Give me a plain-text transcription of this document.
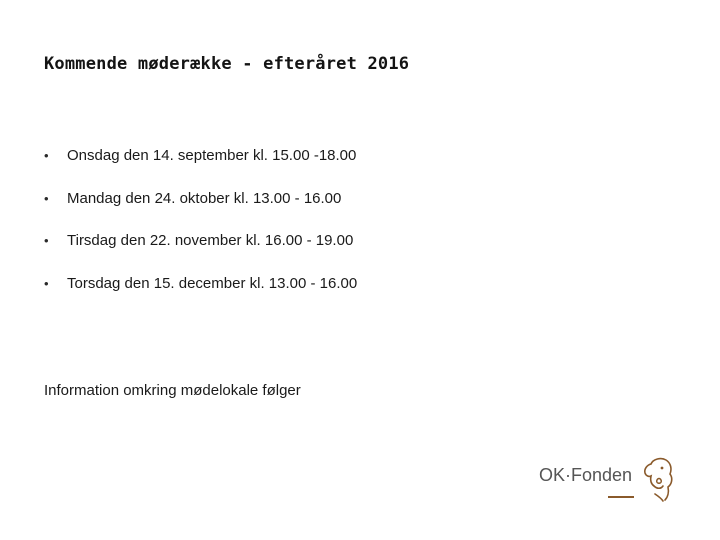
Kommende møderække - efteråret 2016
•	Onsdag den 14. september kl. 15.00 -18.00
•	Mandag den 24. oktober kl. 13.00 - 16.00
•	Tirsdag den 22. november kl. 16.00 - 19.00
•	Torsdag den 15. december kl. 13.00 - 16.00
Information omkring mødelokale følger
OK·Fonden
